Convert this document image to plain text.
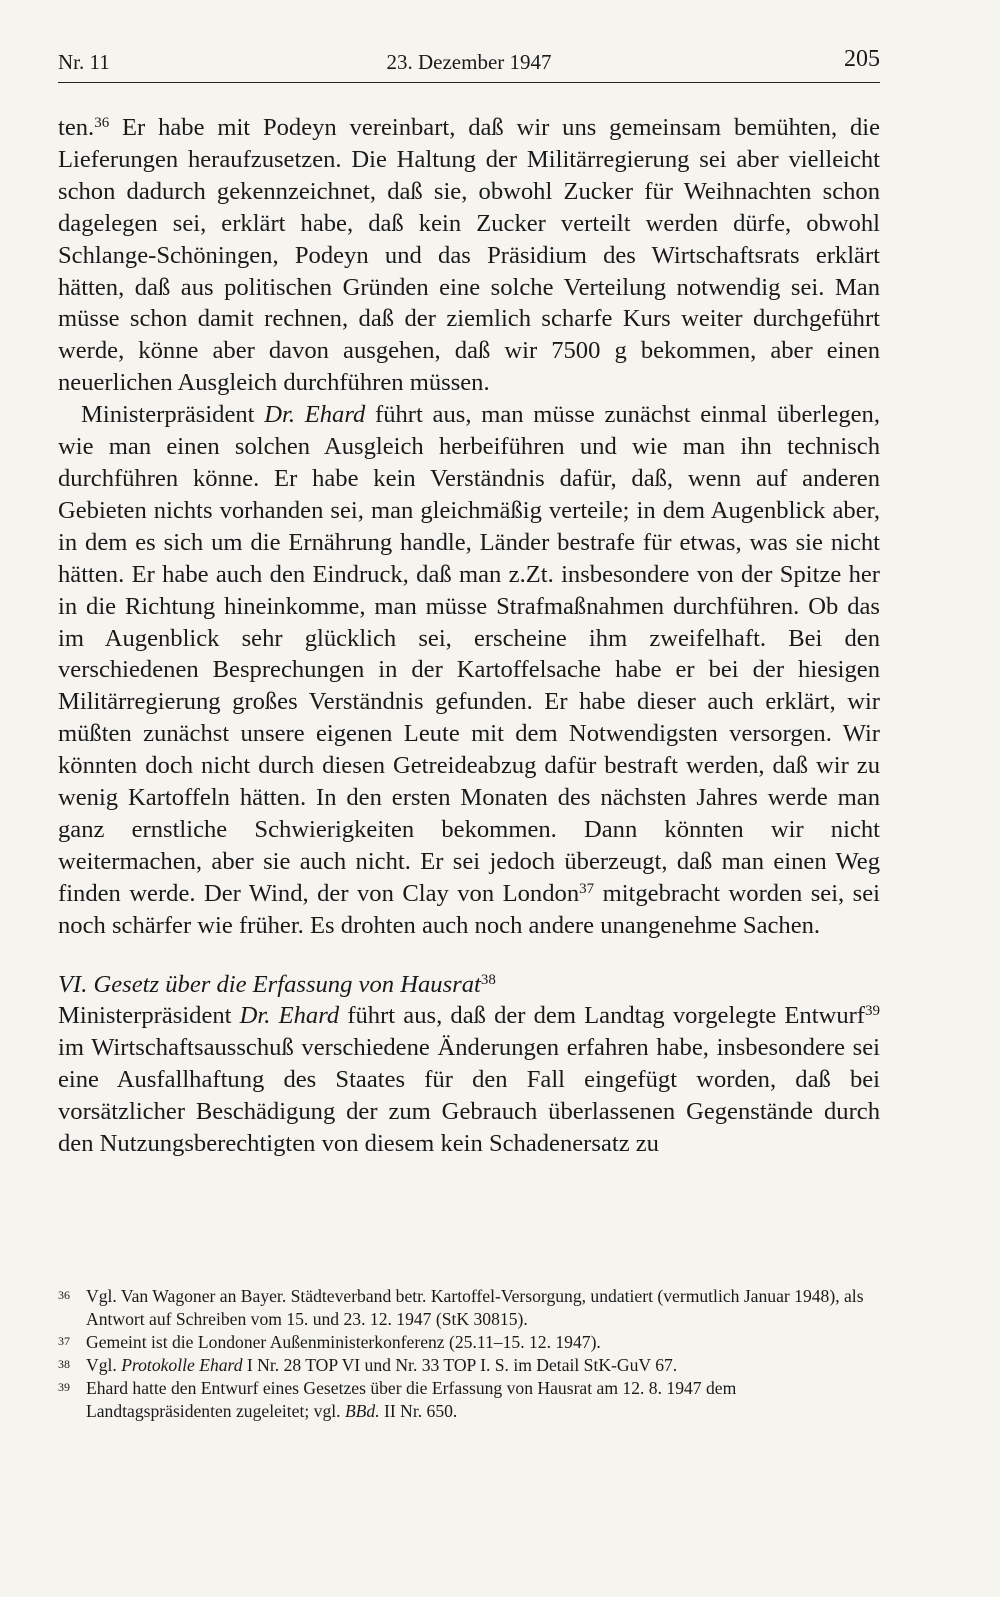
Nr. 11	23. Dezember 1947	205

ten.$^{36}$ Er habe mit Podeyn vereinbart, daß wir uns gemeinsam bemühten, die Lieferungen heraufzusetzen. Die Haltung der Militärregierung sei aber vielleicht schon dadurch gekennzeichnet, daß sie, obwohl Zucker für Weihnachten schon dagelegen sei, erklärt habe, daß kein Zucker verteilt werden dürfe, obwohl Schlange-Schöningen, Podeyn und das Präsidium des Wirtschaftsrats erklärt hätten, daß aus politischen Gründen eine solche Verteilung notwendig sei. Man müsse schon damit rechnen, daß der ziemlich scharfe Kurs weiter durchgeführt werde, könne aber davon ausgehen, daß wir 7500 g bekommen, aber einen neuerlichen Ausgleich durchführen müssen.

Ministerpräsident Dr. Ehard führt aus, man müsse zunächst einmal überlegen, wie man einen solchen Ausgleich herbeiführen und wie man ihn technisch durchführen könne. Er habe kein Verständnis dafür, daß, wenn auf anderen Gebieten nichts vorhanden sei, man gleichmäßig verteile; in dem Augenblick aber, in dem es sich um die Ernährung handle, Länder bestrafe für etwas, was sie nicht hätten. Er habe auch den Eindruck, daß man z.Zt. insbesondere von der Spitze her in die Richtung hineinkomme, man müsse Strafmaßnahmen durchführen. Ob das im Augenblick sehr glücklich sei, erscheine ihm zweifelhaft. Bei den verschiedenen Besprechungen in der Kartoffelsache habe er bei der hiesigen Militärregierung großes Verständnis gefunden. Er habe dieser auch erklärt, wir müßten zunächst unsere eigenen Leute mit dem Notwendigsten versorgen. Wir könnten doch nicht durch diesen Getreideabzug dafür bestraft werden, daß wir zu wenig Kartoffeln hätten. In den ersten Monaten des nächsten Jahres werde man ganz ernstliche Schwierigkeiten bekommen. Dann könnten wir nicht weitermachen, aber sie auch nicht. Er sei jedoch überzeugt, daß man einen Weg finden werde. Der Wind, der von Clay von London$^{37}$ mitgebracht worden sei, sei noch schärfer wie früher. Es drohten auch noch andere unangenehme Sachen.

VI. Gesetz über die Erfassung von Hausrat$^{38}$

Ministerpräsident Dr. Ehard führt aus, daß der dem Landtag vorgelegte Entwurf$^{39}$ im Wirtschaftsausschuß verschiedene Änderungen erfahren habe, insbesondere sei eine Ausfallhaftung des Staates für den Fall eingefügt worden, daß bei vorsätzlicher Beschädigung der zum Gebrauch überlassenen Gegenstände durch den Nutzungsberechtigten von diesem kein Schadenersatz zu

36 Vgl. Van Wagoner an Bayer. Städteverband betr. Kartoffel-Versorgung, undatiert (vermutlich Januar 1948), als Antwort auf Schreiben vom 15. und 23. 12. 1947 (StK 30815).
37 Gemeint ist die Londoner Außenministerkonferenz (25.11–15. 12. 1947).
38 Vgl. Protokolle Ehard I Nr. 28 TOP VI und Nr. 33 TOP I. S. im Detail StK-GuV 67.
39 Ehard hatte den Entwurf eines Gesetzes über die Erfassung von Hausrat am 12. 8. 1947 dem Landtagspräsidenten zugeleitet; vgl. BBd. II Nr. 650.
